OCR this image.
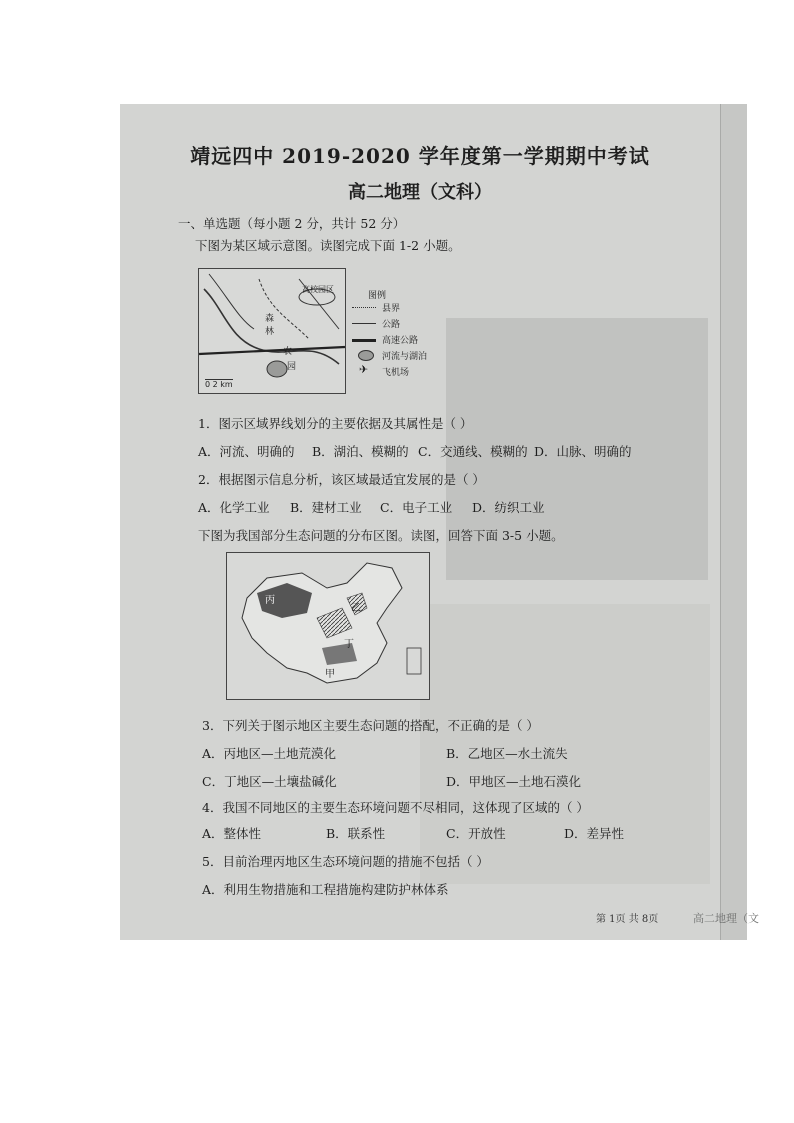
靖远四中 2019-2020 学年度第一学期期中考试
高二地理（文科）
一、单选题（每小题 2 分，共计 52 分）
下图为某区域示意图。读图完成下面 1-2 小题。
高校园区
森
林
农
园
0 2 km
图例
县界
公路
高速公路
河流与湖泊
✈ 飞机场
1．图示区域界线划分的主要依据及其属性是（ ）
A．河流、明确的 B．湖泊、模糊的 C．交通线、模糊的 D．山脉、明确的
2．根据图示信息分析，该区域最适宜发展的是（ ）
A．化学工业 B．建材工业 C．电子工业 D．纺织工业
下图为我国部分生态问题的分布区图。读图，回答下面 3-5 小题。
丙
乙
丁
甲
3．下列关于图示地区主要生态问题的搭配，不正确的是（ ）
A．丙地区—土地荒漠化	B．乙地区—水土流失
C．丁地区—土壤盐碱化	D．甲地区—土地石漠化
4．我国不同地区的主要生态环境问题不尽相同，这体现了区域的（ ）
A．整体性	B．联系性	C．开放性	D．差异性
5．目前治理丙地区生态环境问题的措施不包括（ ）
A．利用生物措施和工程措施构建防护林体系
第 1页 共 8页	高二地理（文
